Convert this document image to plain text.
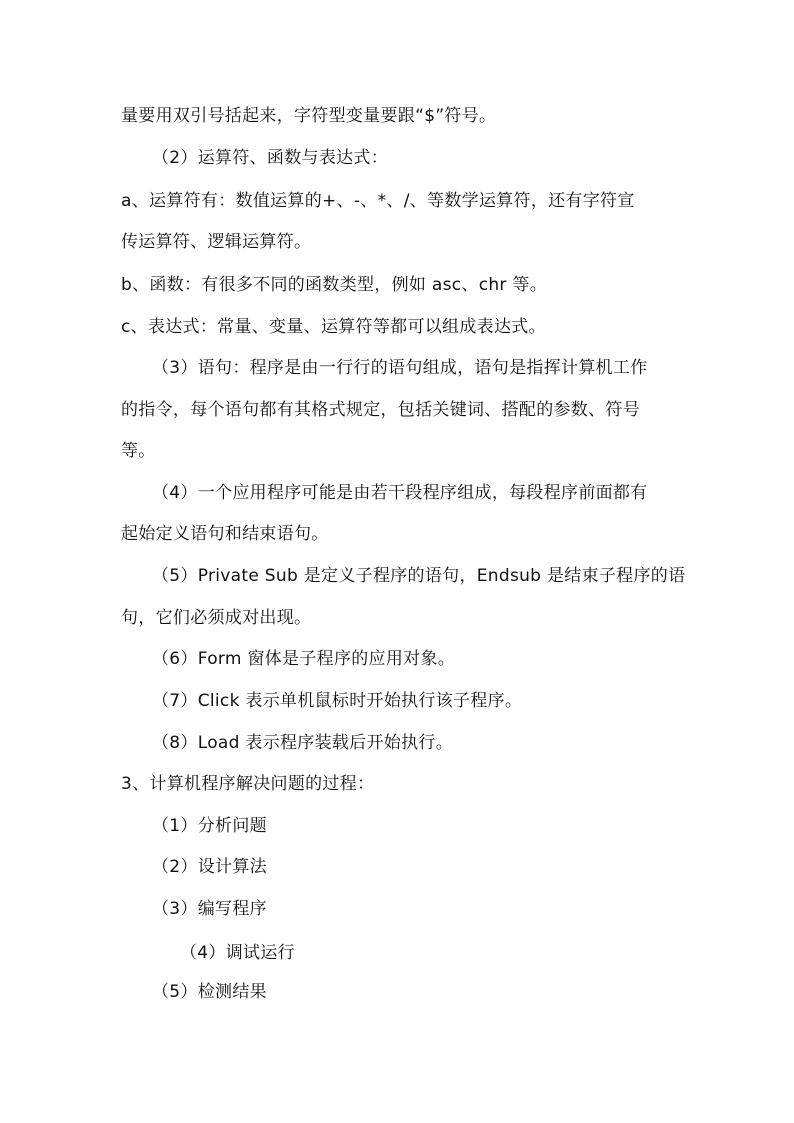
量要用双引号括起来，字符型变量要跟“$”符号。
（2）运算符、函数与表达式：
a、运算符有：数值运算的+、-、*、/、等数学运算符，还有字符宣
传运算符、逻辑运算符。
b、函数：有很多不同的函数类型，例如 asc、chr 等。
c、表达式：常量、变量、运算符等都可以组成表达式。
（3）语句：程序是由一行行的语句组成，语句是指挥计算机工作
的指令，每个语句都有其格式规定，包括关键词、搭配的参数、符号
等。
（4）一个应用程序可能是由若干段程序组成，每段程序前面都有
起始定义语句和结束语句。
（5）Private Sub 是定义子程序的语句，Endsub 是结束子程序的语
句，它们必须成对出现。
（6）Form 窗体是子程序的应用对象。
（7）Click 表示单机鼠标时开始执行该子程序。
（8）Load 表示程序装载后开始执行。
3、计算机程序解决问题的过程：
（1）分析问题
（2）设计算法
（3）编写程序
（4）调试运行
（5）检测结果
